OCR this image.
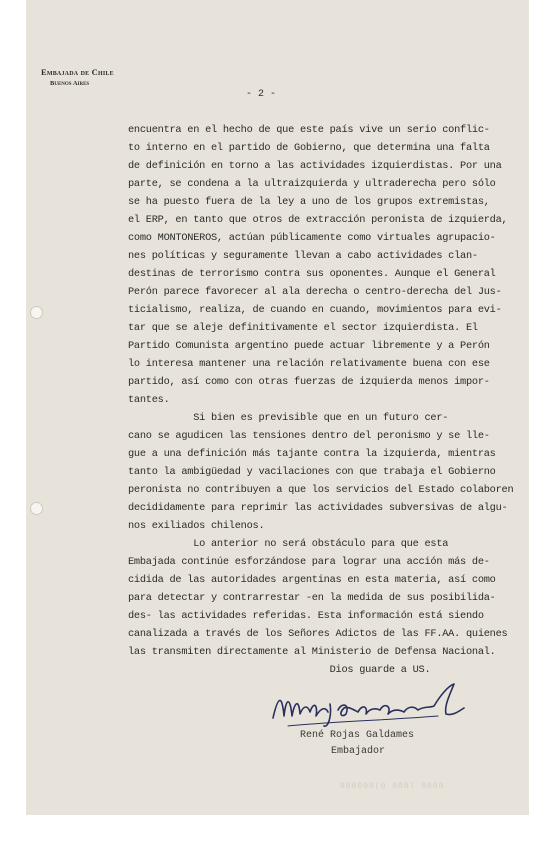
Embajada de Chile
Buenos Aires
- 2 -
encuentra en el hecho de que este país vive un serio conflic-
to interno en el partido de Gobierno, que determina una falta
de definición en torno a las actividades izquierdistas. Por una
parte, se condena a la ultraizquierda y ultraderecha pero sólo
se ha puesto fuera de la ley a uno de los grupos extremistas,
el ERP, en tanto que otros de extracción peronista de izquierda,
como MONTONEROS, actúan públicamente como virtuales agrupacio-
nes políticas y seguramente llevan a cabo actividades clan-
destinas de terrorismo contra sus oponentes. Aunque el General
Perón parece favorecer al ala derecha o centro-derecha del Jus-
ticialismo, realiza, de cuando en cuando, movimientos para evi-
tar que se aleje definitivamente el sector izquierdista. El
Partido Comunista argentino puede actuar libremente y a Perón
lo interesa mantener una relación relativamente buena con ese
partido, así como con otras fuerzas de izquierda menos impor-
tantes.
Si bien es previsible que en un futuro cer-
cano se agudicen las tensiones dentro del peronismo y se lle-
gue a una definición más tajante contra la izquierda, mientras
tanto la ambigüedad y vacilaciones con que trabaja el Gobierno
peronista no contribuyen a que los servicios del Estado colaboren
decididamente para reprimir las actividades subversivas de algu-
nos exiliados chilenos.
Lo anterior no será obstáculo para que esta
Embajada continúe esforzándose para lograr una acción más de-
cidida de las autoridades argentinas en esta materia, así como
para detectar y contrarrestar -en la medida de sus posibilida-
des- las actividades referidas. Esta información está siendo
canalizada a través de los Señores Adictos de las FF.AA. quienes
las transmiten directamente al Ministerio de Defensa Nacional.
Dios guarde a US.
René Rojas Galdames
Embajador
000000(0 000l 0000
